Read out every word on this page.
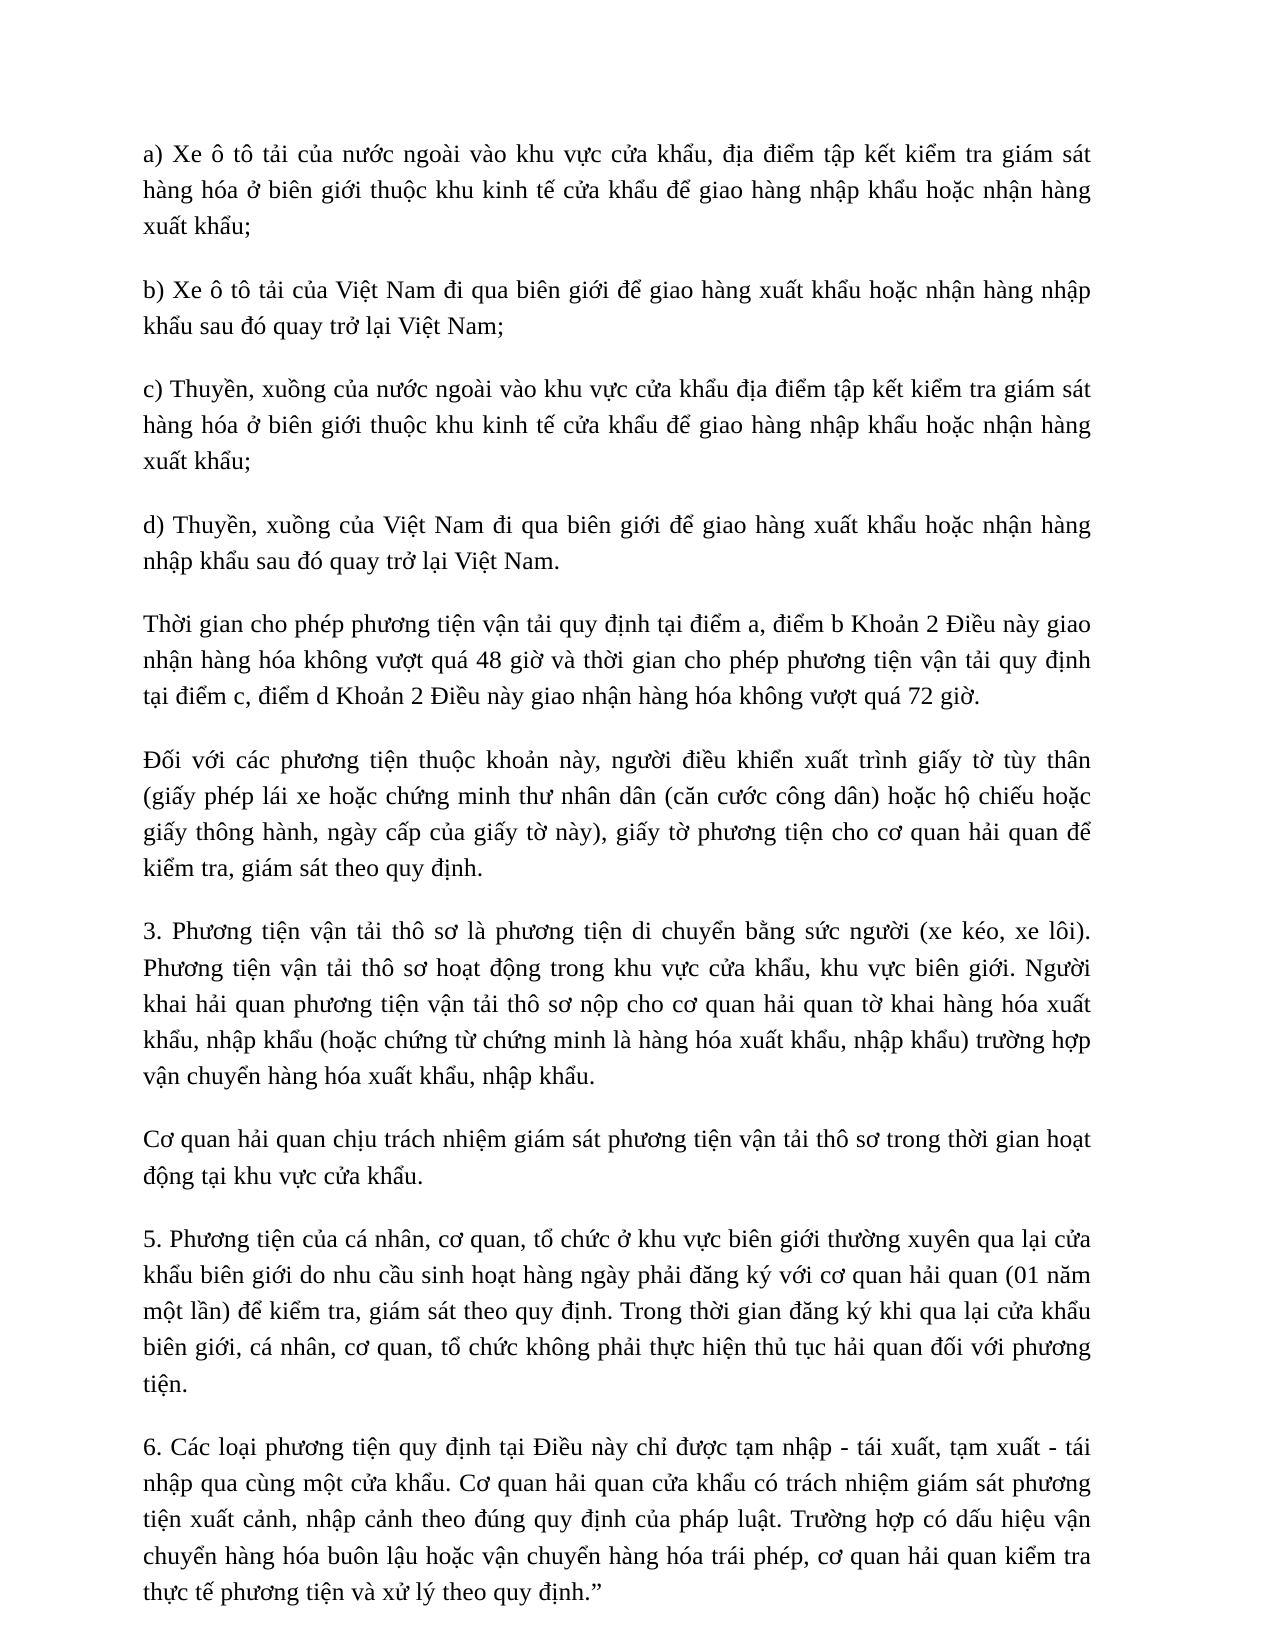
a) Xe ô tô tải của nước ngoài vào khu vực cửa khẩu, địa điểm tập kết kiểm tra giám sát hàng hóa ở biên giới thuộc khu kinh tế cửa khẩu để giao hàng nhập khẩu hoặc nhận hàng xuất khẩu;

b) Xe ô tô tải của Việt Nam đi qua biên giới để giao hàng xuất khẩu hoặc nhận hàng nhập khẩu sau đó quay trở lại Việt Nam;

c) Thuyền, xuồng của nước ngoài vào khu vực cửa khẩu địa điểm tập kết kiểm tra giám sát hàng hóa ở biên giới thuộc khu kinh tế cửa khẩu để giao hàng nhập khẩu hoặc nhận hàng xuất khẩu;

d) Thuyền, xuồng của Việt Nam đi qua biên giới để giao hàng xuất khẩu hoặc nhận hàng nhập khẩu sau đó quay trở lại Việt Nam.

Thời gian cho phép phương tiện vận tải quy định tại điểm a, điểm b Khoản 2 Điều này giao nhận hàng hóa không vượt quá 48 giờ và thời gian cho phép phương tiện vận tải quy định tại điểm c, điểm d Khoản 2 Điều này giao nhận hàng hóa không vượt quá 72 giờ.

Đối với các phương tiện thuộc khoản này, người điều khiển xuất trình giấy tờ tùy thân (giấy phép lái xe hoặc chứng minh thư nhân dân (căn cước công dân) hoặc hộ chiếu hoặc giấy thông hành, ngày cấp của giấy tờ này), giấy tờ phương tiện cho cơ quan hải quan để kiểm tra, giám sát theo quy định.

3. Phương tiện vận tải thô sơ là phương tiện di chuyển bằng sức người (xe kéo, xe lôi). Phương tiện vận tải thô sơ hoạt động trong khu vực cửa khẩu, khu vực biên giới. Người khai hải quan phương tiện vận tải thô sơ nộp cho cơ quan hải quan tờ khai hàng hóa xuất khẩu, nhập khẩu (hoặc chứng từ chứng minh là hàng hóa xuất khẩu, nhập khẩu) trường hợp vận chuyển hàng hóa xuất khẩu, nhập khẩu.

Cơ quan hải quan chịu trách nhiệm giám sát phương tiện vận tải thô sơ trong thời gian hoạt động tại khu vực cửa khẩu.

5. Phương tiện của cá nhân, cơ quan, tổ chức ở khu vực biên giới thường xuyên qua lại cửa khẩu biên giới do nhu cầu sinh hoạt hàng ngày phải đăng ký với cơ quan hải quan (01 năm một lần) để kiểm tra, giám sát theo quy định. Trong thời gian đăng ký khi qua lại cửa khẩu biên giới, cá nhân, cơ quan, tổ chức không phải thực hiện thủ tục hải quan đối với phương tiện.

6. Các loại phương tiện quy định tại Điều này chỉ được tạm nhập - tái xuất, tạm xuất - tái nhập qua cùng một cửa khẩu. Cơ quan hải quan cửa khẩu có trách nhiệm giám sát phương tiện xuất cảnh, nhập cảnh theo đúng quy định của pháp luật. Trường hợp có dấu hiệu vận chuyển hàng hóa buôn lậu hoặc vận chuyển hàng hóa trái phép, cơ quan hải quan kiểm tra thực tế phương tiện và xử lý theo quy định.”
